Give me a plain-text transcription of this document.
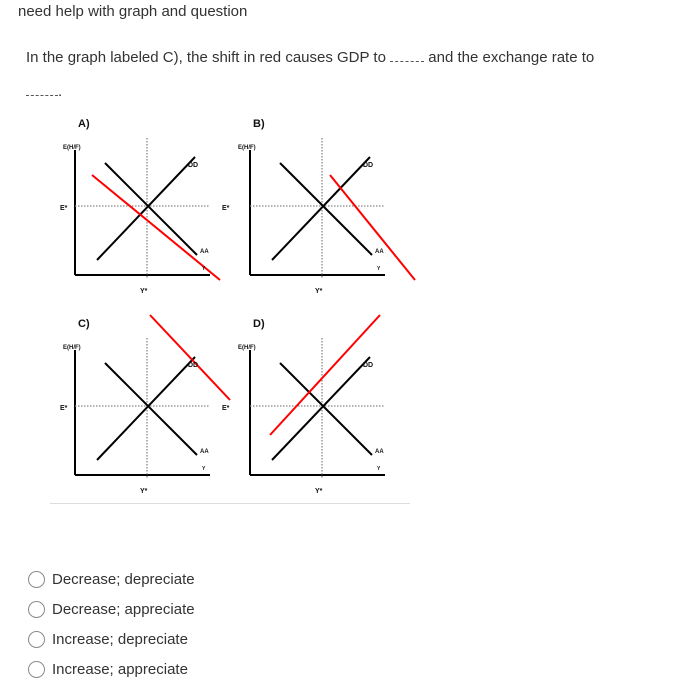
need help with graph and question
In the graph labeled C), the shift in red causes GDP to	and the exchange rate to
.
A)
E(H/F)
E*
DD
AA
Y
Y*
B)
E(H/F)
E*
DD
AA
Y
Y*
C)
E(H/F)
E*
DD
AA
Y
Y*
D)
E(H/F)
E*
DD
AA
Y
Y*
Decrease; depreciate
Decrease; appreciate
Increase; depreciate
Increase; appreciate
